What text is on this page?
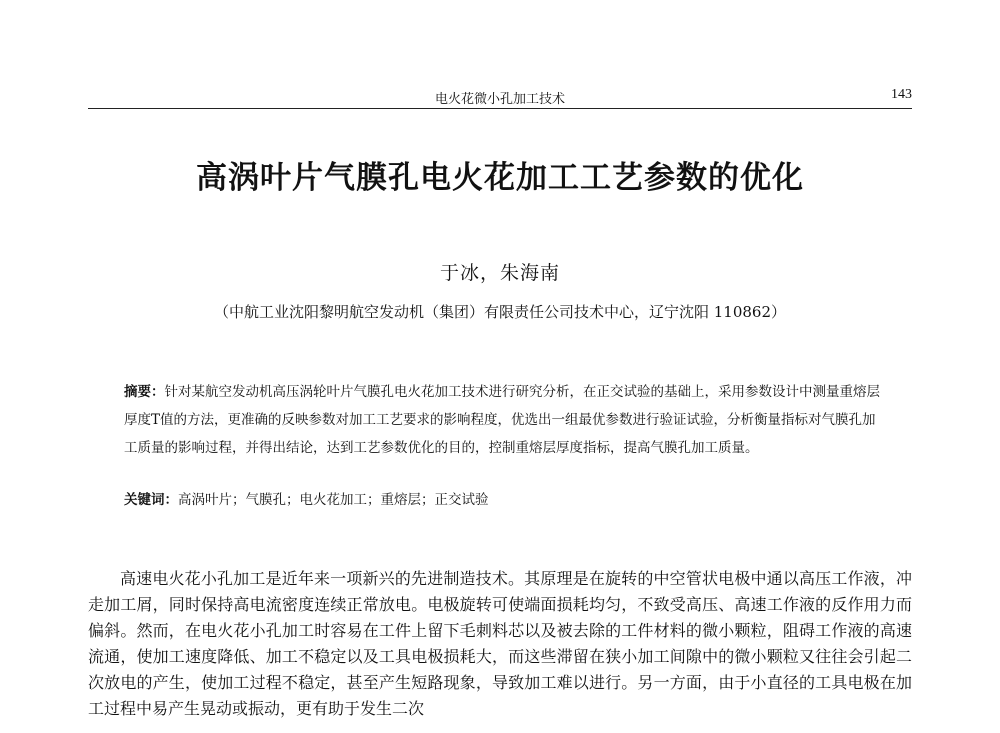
电火花微小孔加工技术	143
高涡叶片气膜孔电火花加工工艺参数的优化
于冰，朱海南
（中航工业沈阳黎明航空发动机（集团）有限责任公司技术中心，辽宁沈阳 110862）
摘要：针对某航空发动机高压涡轮叶片气膜孔电火花加工技术进行研究分析，在正交试验的基础上，采用参数设计中测量重熔层厚度T值的方法，更准确的反映参数对加工工艺要求的影响程度，优选出一组最优参数进行验证试验，分析衡量指标对气膜孔加工质量的影响过程，并得出结论，达到工艺参数优化的目的，控制重熔层厚度指标，提高气膜孔加工质量。
关键词：高涡叶片；气膜孔；电火花加工；重熔层；正交试验

高速电火花小孔加工是近年来一项新兴的先进制造技术。其原理是在旋转的中空管状电极中通以高压工作液，冲走加工屑，同时保持高电流密度连续正常放电。电极旋转可使端面损耗均匀，不致受高压、高速工作液的反作用力而偏斜。然而，在电火花小孔加工时容易在工件上留下毛刺料芯以及被去除的工件材料的微小颗粒，阻碍工作液的高速流通，使加工速度降低、加工不稳定以及工具电极损耗大，而这些滞留在狭小加工间隙中的微小颗粒又往往会引起二次放电的产生，使加工过程不稳定，甚至产生短路现象，导致加工难以进行。另一方面，由于小直径的工具电极在加工过程中易产生晃动或振动，更有助于发生二次
